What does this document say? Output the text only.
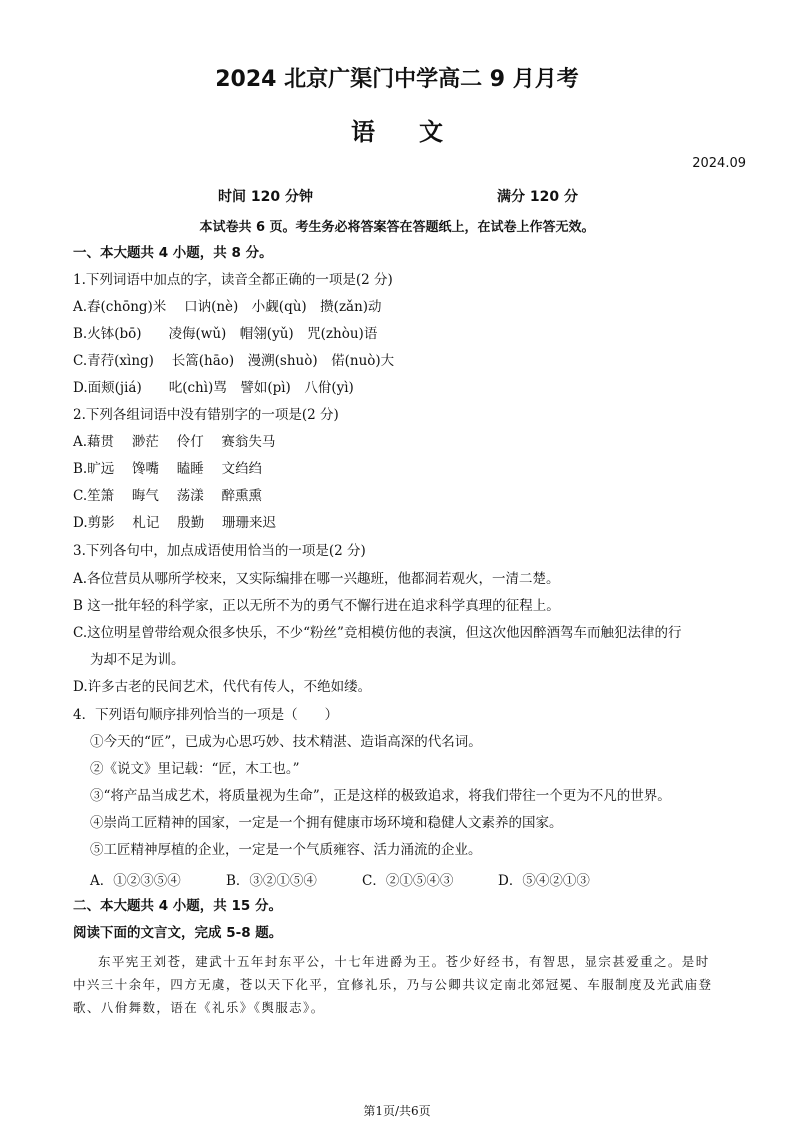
2024 北京广渠门中学高二 9 月月考
语 文
2024.09
时间 120 分钟	满分 120 分
本试卷共 6 页。考生务必将答案答在答题纸上，在试卷上作答无效。
一、本大题共 4 小题，共 8 分。
1.下列词语中加点的字，读音全都正确的一项是(2 分)
A.舂(chōng)米　 口讷(nè)　小觑(qù)　攒(zǎn)动
B.火钵(bō)　　凌侮(wǔ)　帽翎(yǔ)　咒(zhòu)语
C.青荇(xìng)　 长篙(hāo)　漫溯(shuò)　偌(nuò)大
D.面颊(jiá)　　叱(chì)骂　譬如(pì)　八佾(yì)
2.下列各组词语中没有错别字的一项是(2 分)
A.藉贯　 渺茫　 伶仃　 赛翁失马
B.旷远　 馋嘴　 瞌睡　 文绉绉
C.笙箫　 晦气　 荡漾　 醉熏熏
D.剪影　 札记　 殷勤　 珊珊来迟
3.下列各句中，加点成语使用恰当的一项是(2 分)
A.各位营员从哪所学校来，又实际编排在哪一兴趣班，他都洞若观火，一清二楚。
B 这一批年轻的科学家，正以无所不为的勇气不懈行进在追求科学真理的征程上。
C.这位明星曾带给观众很多快乐，不少“粉丝”竞相模仿他的表演，但这次他因醉酒驾车而触犯法律的行
为却不足为训。
D.许多古老的民间艺术，代代有传人，不绝如缕。
4．下列语句顺序排列恰当的一项是（　　）
①今天的“匠”，已成为心思巧妙、技术精湛、造诣高深的代名词。
②《说文》里记载：“匠，木工也。”
③“将产品当成艺术，将质量视为生命”，正是这样的极致追求，将我们带往一个更为不凡的世界。
④崇尚工匠精神的国家，一定是一个拥有健康市场环境和稳健人文素养的国家。
⑤工匠精神厚植的企业，一定是一个气质雍容、活力涌流的企业。
A．①②③⑤④	B．③②①⑤④	C．②①⑤④③	D．⑤④②①③
二、本大题共 4 小题，共 15 分。
阅读下面的文言文，完成 5-8 题。
东平宪王刘苍，建武十五年封东平公，十七年进爵为王。苍少好经书，有智思，显宗甚爱重之。是时中兴三十余年，四方无虞，苍以天下化平，宜修礼乐，乃与公卿共议定南北郊冠冕、车服制度及光武庙登歌、八佾舞数，语在《礼乐》《舆服志》。
第1页/共6页
